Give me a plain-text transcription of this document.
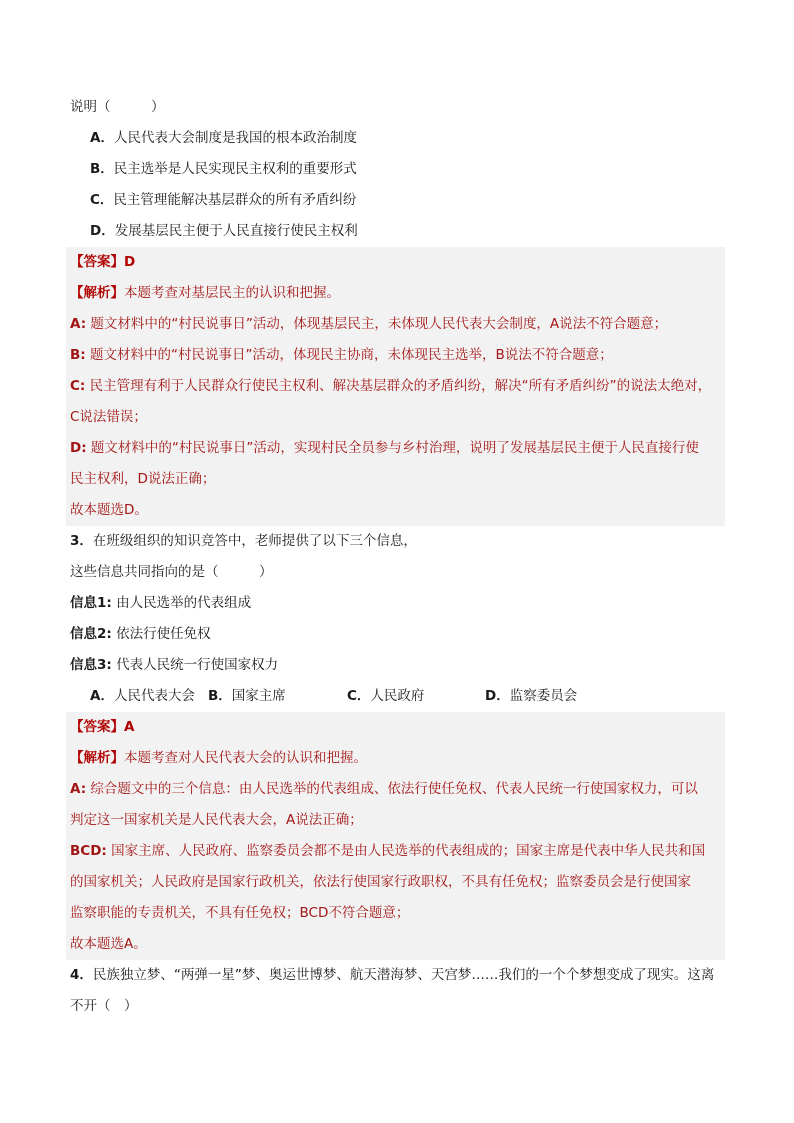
说明（　　　）
A．人民代表大会制度是我国的根本政治制度
B．民主选举是人民实现民主权利的重要形式
C．民主管理能解决基层群众的所有矛盾纠纷
D．发展基层民主便于人民直接行使民主权利
【答案】D
【解析】本题考查对基层民主的认识和把握。
A: 题文材料中的“村民说事日”活动，体现基层民主，未体现人民代表大会制度，A说法不符合题意；
B: 题文材料中的“村民说事日”活动，体现民主协商，未体现民主选举，B说法不符合题意；
C: 民主管理有利于人民群众行使民主权利、解决基层群众的矛盾纠纷，解决“所有矛盾纠纷”的说法太绝对，
C说法错误；
D: 题文材料中的“村民说事日”活动，实现村民全员参与乡村治理，说明了发展基层民主便于人民直接行使
民主权利，D说法正确；
故本题选D。
3．在班级组织的知识竞答中，老师提供了以下三个信息，
这些信息共同指向的是（　　　）
信息1: 由人民选举的代表组成
信息2: 依法行使任免权
信息3: 代表人民统一行使国家权力
A．人民代表大会 B．国家主席	C．人民政府	D．监察委员会
【答案】A
【解析】本题考查对人民代表大会的认识和把握。
A: 综合题文中的三个信息：由人民选举的代表组成、依法行使任免权、代表人民统一行使国家权力，可以
判定这一国家机关是人民代表大会，A说法正确；
BCD: 国家主席、人民政府、监察委员会都不是由人民选举的代表组成的；国家主席是代表中华人民共和国
的国家机关；人民政府是国家行政机关，依法行使国家行政职权，不具有任免权；监察委员会是行使国家
监察职能的专责机关，不具有任免权；BCD不符合题意；
故本题选A。
4．民族独立梦、“两弹一星”梦、奥运世博梦、航天潜海梦、天宫梦……我们的一个个梦想变成了现实。这离
不开（　）
